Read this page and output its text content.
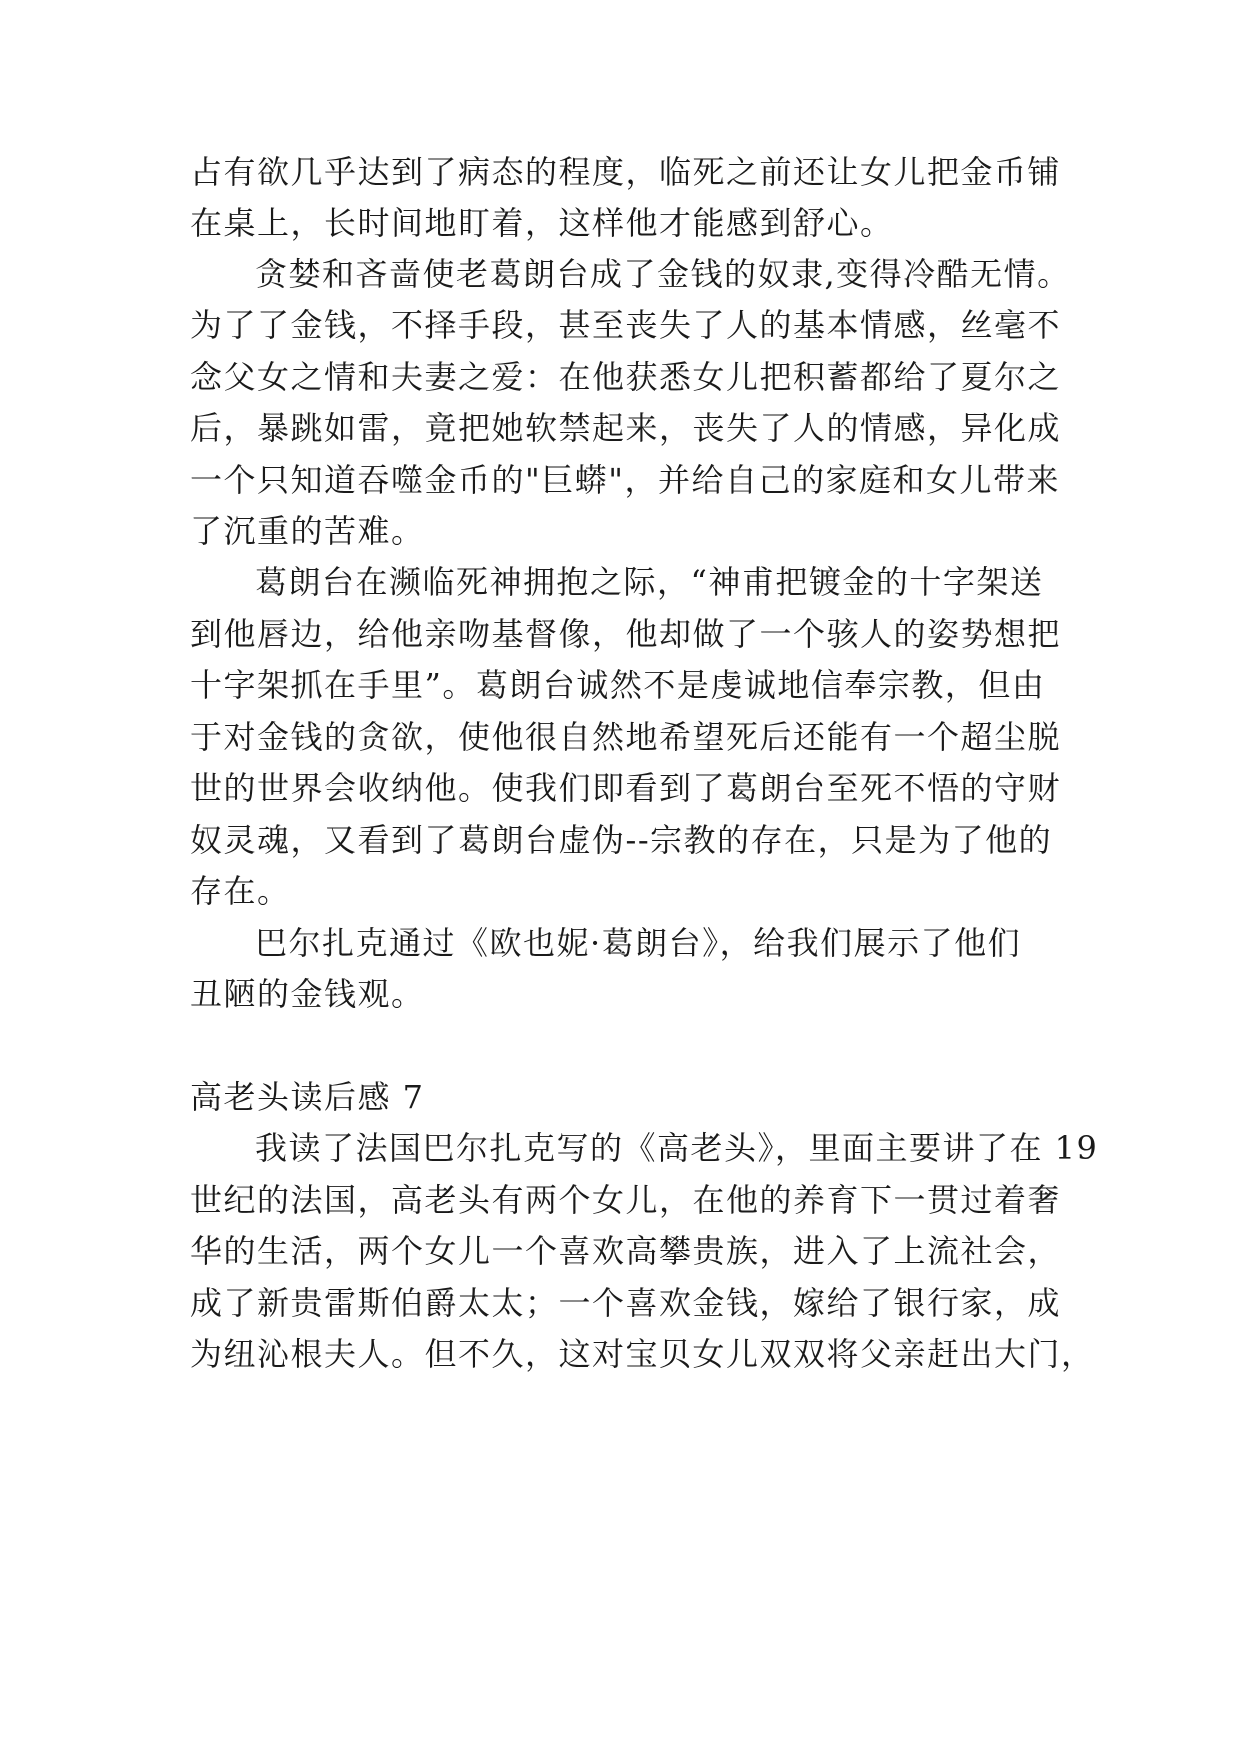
占有欲几乎达到了病态的程度，临死之前还让女儿把金币铺
在桌上，长时间地盯着，这样他才能感到舒心。
贪婪和吝啬使老葛朗台成了金钱的奴隶,变得冷酷无情。
为了了金钱，不择手段，甚至丧失了人的基本情感，丝毫不
念父女之情和夫妻之爱：在他获悉女儿把积蓄都给了夏尔之
后，暴跳如雷，竟把她软禁起来，丧失了人的情感，异化成
一个只知道吞噬金币的"巨蟒"，并给自己的家庭和女儿带来
了沉重的苦难。
葛朗台在濒临死神拥抱之际，“神甫把镀金的十字架送
到他唇边，给他亲吻基督像，他却做了一个骇人的姿势想把
十字架抓在手里”。葛朗台诚然不是虔诚地信奉宗教，但由
于对金钱的贪欲，使他很自然地希望死后还能有一个超尘脱
世的世界会收纳他。使我们即看到了葛朗台至死不悟的守财
奴灵魂，又看到了葛朗台虚伪--宗教的存在，只是为了他的
存在。
巴尔扎克通过《欧也妮·葛朗台》，给我们展示了他们
丑陋的金钱观。
高老头读后感 7
我读了法国巴尔扎克写的《高老头》，里面主要讲了在 19
世纪的法国，高老头有两个女儿，在他的养育下一贯过着奢
华的生活，两个女儿一个喜欢高攀贵族，进入了上流社会，
成了新贵雷斯伯爵太太；一个喜欢金钱，嫁给了银行家，成
为纽沁根夫人。但不久，这对宝贝女儿双双将父亲赶出大门，
